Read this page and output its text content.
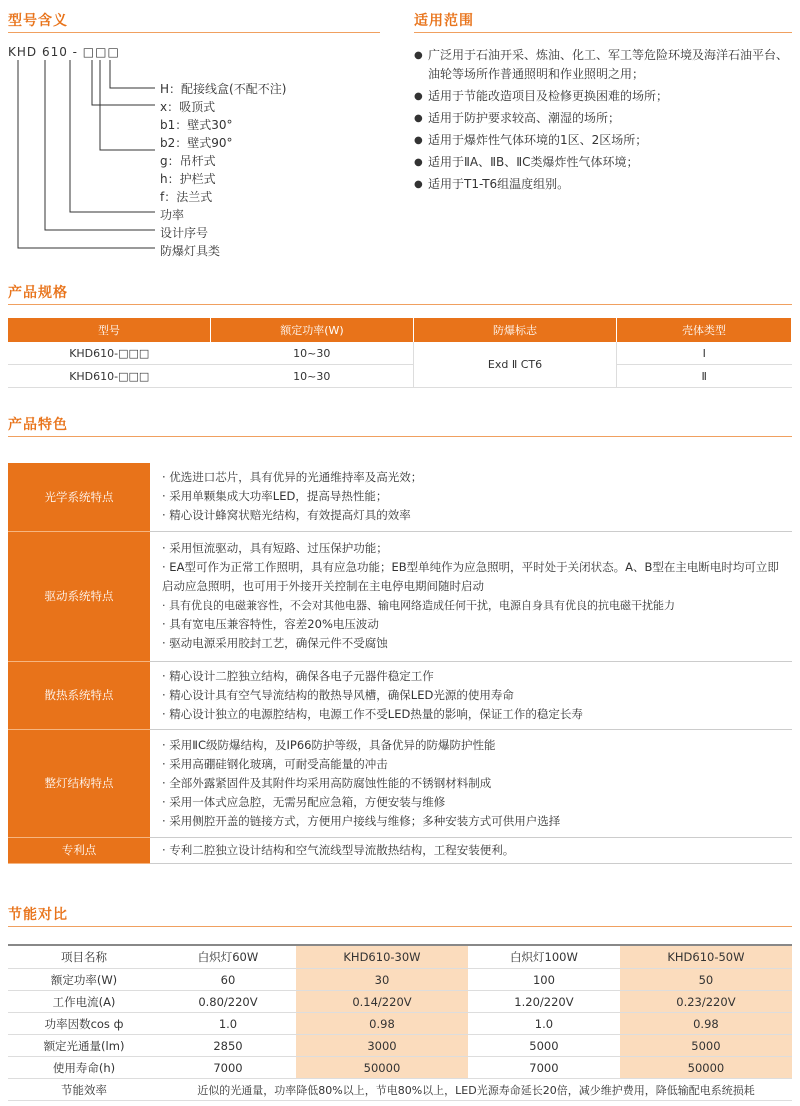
型号含义
KHD 610 - □□□
H：配接线盒(不配不注)
x：吸顶式
b1：壁式30°
b2：壁式90°
g：吊杆式
h：护栏式
f：法兰式
功率
设计序号
防爆灯具类
适用范围
● 广泛用于石油开采、炼油、化工、军工等危险环境及海洋石油平台、油轮等场所作普通照明和作业照明之用；
● 适用于节能改造项目及检修更换困难的场所；
● 适用于防护要求较高、潮湿的场所；
● 适用于爆炸性气体环境的1区、2区场所；
● 适用于ⅡA、ⅡB、ⅡC类爆炸性气体环境；
● 适用于T1-T6组温度组别。
产品规格
型号	额定功率(W)	防爆标志	壳体类型
KHD610-□□□	10~30	Exd Ⅱ CT6	Ⅰ
KHD610-□□□	10~30		Ⅱ
产品特色
光学系统特点	· 优选进口芯片，具有优异的光通维持率及高光效；
· 采用单颗集成大功率LED，提高导热性能；
· 精心设计蜂窝状赔光结构，有效提高灯具的效率

驱动系统特点	· 采用恒流驱动，具有短路、过压保护功能；
· EA型可作为正常工作照明，具有应急功能；EB型单纯作为应急照明，平时处于关闭状态。A、B型在主电断电时均可立即启动应急照明，也可用于外接开关控制在主电停电期间随时启动
· 具有优良的电磁兼容性，不会对其他电器、输电网络造成任何干扰，电源自身具有优良的抗电磁干扰能力
· 具有宽电压兼容特性，容差20%电压波动
· 驱动电源采用胶封工艺，确保元件不受腐蚀

散热系统特点	· 精心设计二腔独立结构，确保各电子元器件稳定工作
· 精心设计具有空气导流结构的散热导风槽，确保LED光源的使用寿命
· 精心设计独立的电源腔结构，电源工作不受LED热量的影响，保证工作的稳定长寿

整灯结构特点	· 采用ⅡC级防爆结构，及IP66防护等级，具备优异的防爆防护性能
· 采用高硼硅钢化玻璃，可耐受高能量的冲击
· 全部外露紧固件及其附件均采用高防腐蚀性能的不锈钢材料制成
· 采用一体式应急腔，无需另配应急箱，方便安装与维修
· 采用侧腔开盖的链接方式，方便用户接线与维修；多种安装方式可供用户选择

专利点	· 专利二腔独立设计结构和空气流线型导流散热结构，工程安装便利。
节能对比
项目名称	白炽灯60W	KHD610-30W	白炽灯100W	KHD610-50W
额定功率(W)	60	30	100	50
工作电流(A)	0.80/220V	0.14/220V	1.20/220V	0.23/220V
功率因数cos ф	1.0	0.98	1.0	0.98
额定光通量(lm)	2850	3000	5000	5000
使用寿命(h)	7000	50000	7000	50000
节能效率	近似的光通量，功率降低80%以上，节电80%以上，LED光源寿命延长20倍，减少维护费用，降低输配电系统损耗			
